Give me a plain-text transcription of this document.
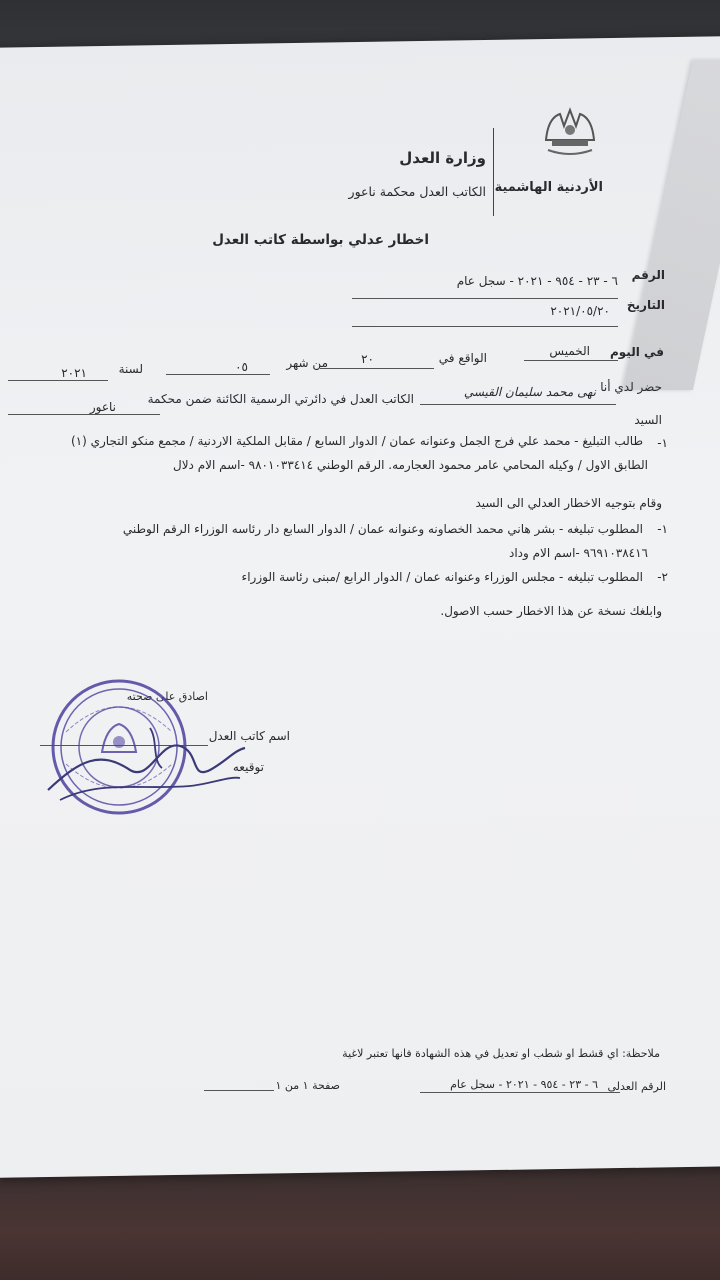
وزارة العدل
الأردنية الهاشمية
الكاتب العدل محكمة ناعور
اخطار عدلي بواسطة كاتب العدل
الرقم
٦ - ٢٣ - ٩٥٤ - ٢٠٢١ - سجل عام
التاريخ
٢٠٢١/٠٥/٢٠
في اليوم
الخميس
الواقع في
٢٠
من شهر
٠٥
لسنة
٢٠٢١
حضر لدي أنا
نهى محمد سليمان القيسي
الكاتب العدل في دائرتي الرسمية الكائنة ضمن محكمة
ناعور
السيد
١-
طالب التبليغ - محمد علي فرج الجمل وعنوانه عمان / الدوار السابع / مقابل الملكية الاردنية / مجمع منكو التجاري (١)
الطابق الاول / وكيله المحامي عامر محمود العجارمه. الرقم الوطني ٩٨٠١٠٣٣٤١٤ -اسم الام دلال
وقام بتوجيه الاخطار العدلي الى السيد
١-
المطلوب تبليغه - بشر هاني محمد الخصاونه وعنوانه عمان / الدوار السابع دار رئاسه الوزراء الرقم الوطني
٩٦٩١٠٣٨٤١٦ -اسم الام وداد
٢-
المطلوب تبليغه - مجلس الوزراء وعنوانه عمان / الدوار الرابع /مبنى رئاسة الوزراء
وابلغك نسخة عن هذا الاخطار حسب الاصول.
اصادق على صحته
اسم كاتب العدل
توقيعه
ملاحظة: اي قشط او شطب او تعديل في هذه الشهادة فانها تعتبر لاغية
الرقم العدلي
٦ - ٢٣ - ٩٥٤ - ٢٠٢١ - سجل عام
صفحة ١ من ١
